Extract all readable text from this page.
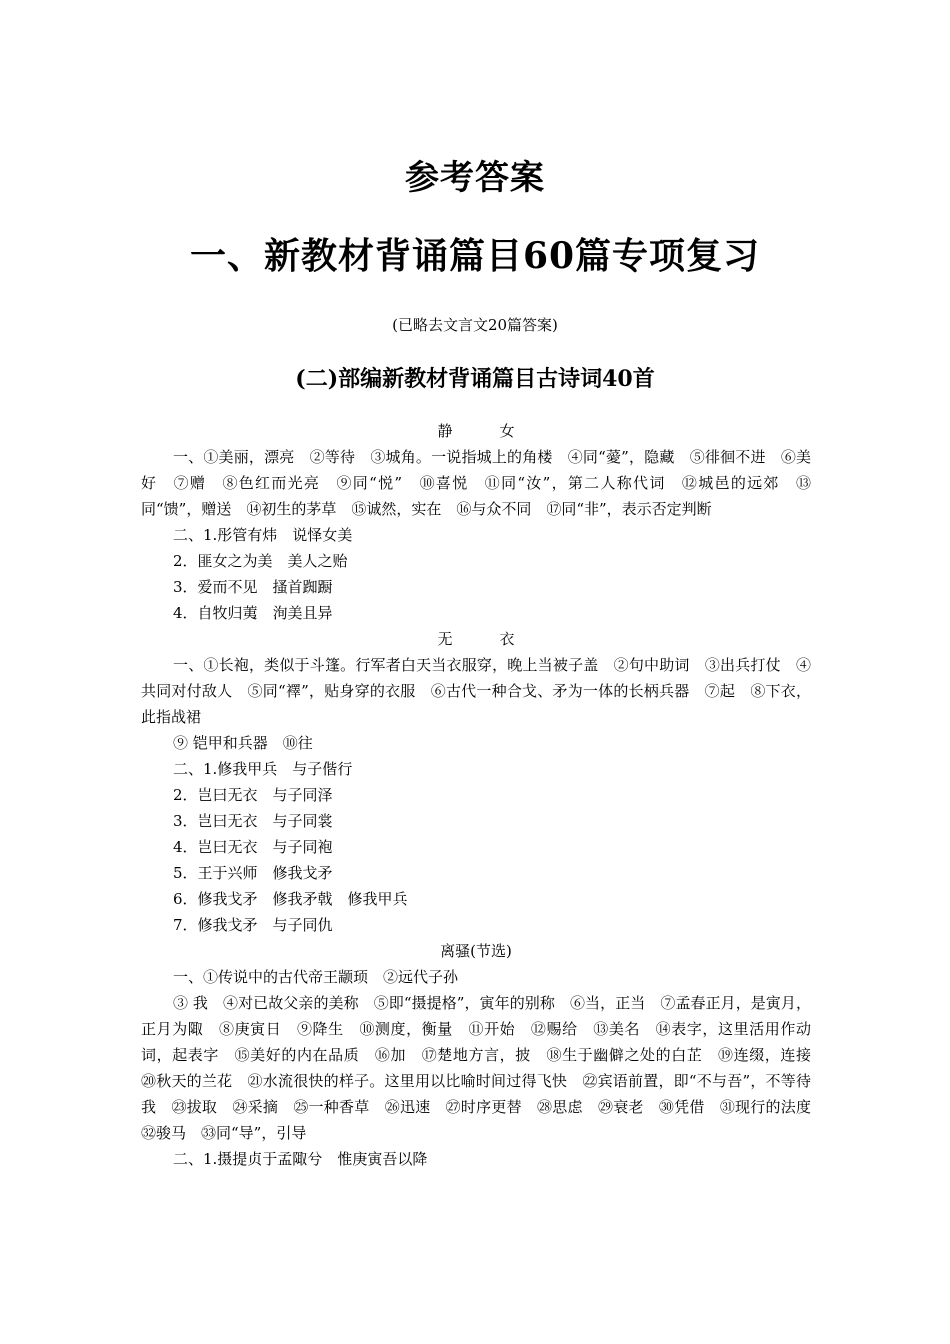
参考答案
一、新教材背诵篇目60篇专项复习
(已略去文言文20篇答案)
(二)部编新教材背诵篇目古诗词40首

静　女

一、①美丽，漂亮　②等待　③城角。一说指城上的角楼　④同“薆”，隐藏　⑤徘徊不进　⑥美好　⑦赠　⑧色红而光亮　⑨同“悦”　⑩喜悦　⑪同“汝”，第二人称代词　⑫城邑的远郊　⑬同“馈”，赠送　⑭初生的茅草　⑮诚然，实在　⑯与众不同　⑰同“非”，表示否定判断

二、1.彤管有炜　说怿女美

2．匪女之为美　美人之贻

3．爱而不见　搔首踟蹰

4．自牧归荑　洵美且异

无　衣

一、①长袍，类似于斗篷。行军者白天当衣服穿，晚上当被子盖　②句中助词　③出兵打仗　④共同对付敌人　⑤同“襗”，贴身穿的衣服　⑥古代一种合戈、矛为一体的长柄兵器　⑦起　⑧下衣，此指战裙

⑨ 铠甲和兵器　⑩往

二、1.修我甲兵　与子偕行

2．岂曰无衣　与子同泽

3．岂曰无衣　与子同裳

4．岂曰无衣　与子同袍

5．王于兴师　修我戈矛

6．修我戈矛　修我矛戟　修我甲兵

7．修我戈矛　与子同仇

离骚(节选)

一、①传说中的古代帝王颛顼　②远代子孙

③ 我　④对已故父亲的美称　⑤即“摄提格”，寅年的别称　⑥当，正当　⑦孟春正月，是寅月，正月为陬　⑧庚寅日　⑨降生　⑩测度，衡量　⑪开始　⑫赐给　⑬美名　⑭表字，这里活用作动词，起表字　⑮美好的内在品质　⑯加　⑰楚地方言，披　⑱生于幽僻之处的白芷　⑲连缀，连接　⑳秋天的兰花　㉑水流很快的样子。这里用以比喻时间过得飞快　㉒宾语前置，即“不与吾”，不等待我　㉓拔取　㉔采摘　㉕一种香草　㉖迅速　㉗时序更替　㉘思虑　㉙衰老　㉚凭借　㉛现行的法度　㉜骏马　㉝同“导”，引导

二、1.摄提贞于孟陬兮　惟庚寅吾以降
